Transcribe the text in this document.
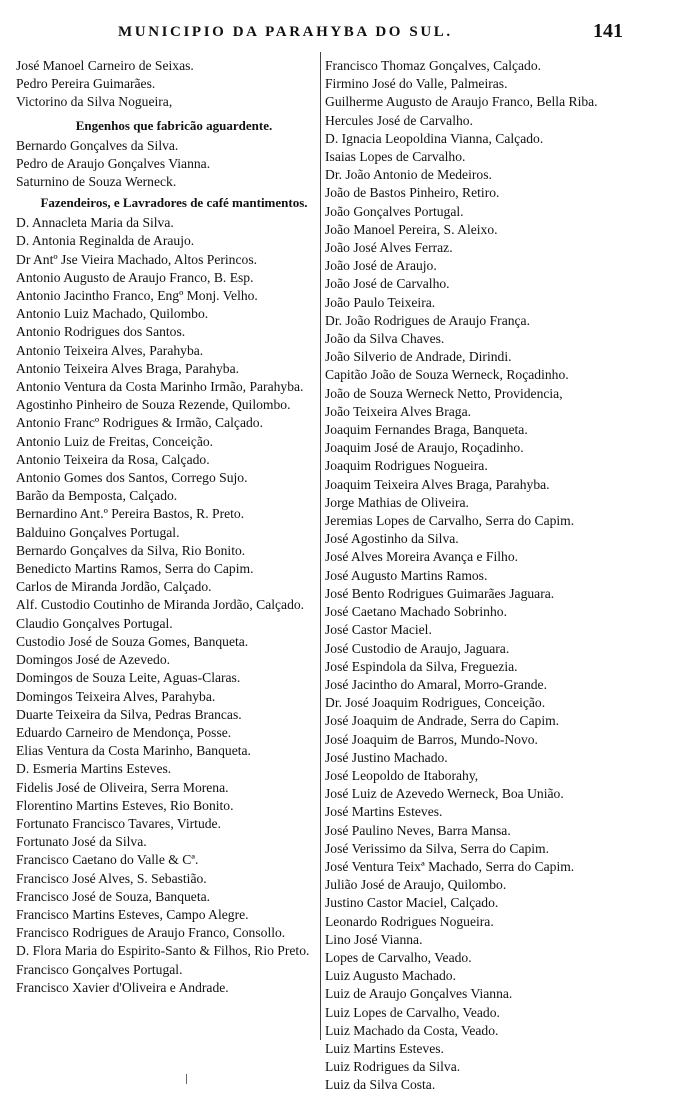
MUNICIPIO DA PARAHYBA DO SUL.	141
José Manoel Carneiro de Seixas.
Pedro Pereira Guimarães.
Victorino da Silva Nogueira,
Engenhos que fabricão aguardente.
Bernardo Gonçalves da Silva.
Pedro de Araujo Gonçalves Vianna.
Saturnino de Souza Werneck.
Fazendeiros, e Lavradores de café mantimentos.
D. Annacleta Maria da Silva.
D. Antonia Reginalda de Araujo.
Dr Antº Jse Vieira Machado, Altos Perincos.
Antonio Augusto de Araujo Franco, B. Esp.
Antonio Jacintho Franco, Engº Monj. Velho.
Antonio Luiz Machado, Quilombo.
Antonio Rodrigues dos Santos.
Antonio Teixeira Alves, Parahyba.
Antonio Teixeira Alves Braga, Parahyba.
Antonio Ventura da Costa Marinho Irmão, Parahyba.
Agostinho Pinheiro de Souza Rezende, Quilombo.
Antonio Francº Rodrigues & Irmão, Calçado.
Antonio Luiz de Freitas, Conceição.
Antonio Teixeira da Rosa, Calçado.
Antonio Gomes dos Santos, Corrego Sujo.
Barão da Bemposta, Calçado.
Bernardino Ant.º Pereira Bastos, R. Preto.
Balduino Gonçalves Portugal.
Bernardo Gonçalves da Silva, Rio Bonito.
Benedicto Martins Ramos, Serra do Capim.
Carlos de Miranda Jordão, Calçado.
Alf. Custodio Coutinho de Miranda Jordão, Calçado.
Claudio Gonçalves Portugal.
Custodio José de Souza Gomes, Banqueta.
Domingos José de Azevedo.
Domingos de Souza Leite, Aguas-Claras.
Domingos Teixeira Alves, Parahyba.
Duarte Teixeira da Silva, Pedras Brancas.
Eduardo Carneiro de Mendonça, Posse.
Elias Ventura da Costa Marinho, Banqueta.
D. Esmeria Martins Esteves.
Fidelis José de Oliveira, Serra Morena.
Florentino Martins Esteves, Rio Bonito.
Fortunato Francisco Tavares, Virtude.
Fortunato José da Silva.
Francisco Caetano do Valle & Cª.
Francisco José Alves, S. Sebastião.
Francisco José de Souza, Banqueta.
Francisco Martins Esteves, Campo Alegre.
Francisco Rodrigues de Araujo Franco, Consollo.
D. Flora Maria do Espirito-Santo & Filhos, Rio Preto.
Francisco Gonçalves Portugal.
Francisco Xavier d'Oliveira e Andrade.
Francisco Thomaz Gonçalves, Calçado.
Firmino José do Valle, Palmeiras.
Guilherme Augusto de Araujo Franco, Bella Riba.
Hercules José de Carvalho.
D. Ignacia Leopoldina Vianna, Calçado.
Isaias Lopes de Carvalho.
Dr. João Antonio de Medeiros.
João de Bastos Pinheiro, Retiro.
João Gonçalves Portugal.
João Manoel Pereira, S. Aleixo.
João José Alves Ferraz.
João José de Araujo.
João José de Carvalho.
João Paulo Teixeira.
Dr. João Rodrigues de Araujo França.
João da Silva Chaves.
João Silverio de Andrade, Dirindi.
Capitão João de Souza Werneck, Roçadinho.
João de Souza Werneck Netto, Providencia,
João Teixeira Alves Braga.
Joaquim Fernandes Braga, Banqueta.
Joaquim José de Araujo, Roçadinho.
Joaquim Rodrigues Nogueira.
Joaquim Teixeira Alves Braga, Parahyba.
Jorge Mathias de Oliveira.
Jeremias Lopes de Carvalho, Serra do Capim.
José Agostinho da Silva.
José Alves Moreira Avança e Filho.
José Augusto Martins Ramos.
José Bento Rodrigues Guimarães Jaguara.
José Caetano Machado Sobrinho.
José Castor Maciel.
José Custodio de Araujo, Jaguara.
José Espindola da Silva, Freguezia.
José Jacintho do Amaral, Morro-Grande.
Dr. José Joaquim Rodrigues, Conceição.
José Joaquim de Andrade, Serra do Capim.
José Joaquim de Barros, Mundo-Novo.
José Justino Machado.
José Leopoldo de Itaborahy,
José Luiz de Azevedo Werneck, Boa União.
José Martins Esteves.
José Paulino Neves, Barra Mansa.
José Verissimo da Silva, Serra do Capim.
José Ventura Teixª Machado, Serra do Capim.
Julião José de Araujo, Quilombo.
Justino Castor Maciel, Calçado.
Leonardo Rodrigues Nogueira.
Lino José Vianna.
Lopes de Carvalho, Veado.
Luiz Augusto Machado.
Luiz de Araujo Gonçalves Vianna.
Luiz Lopes de Carvalho, Veado.
Luiz Machado da Costa, Veado.
Luiz Martins Esteves.
Luiz Rodrigues da Silva.
Luiz da Silva Costa.
